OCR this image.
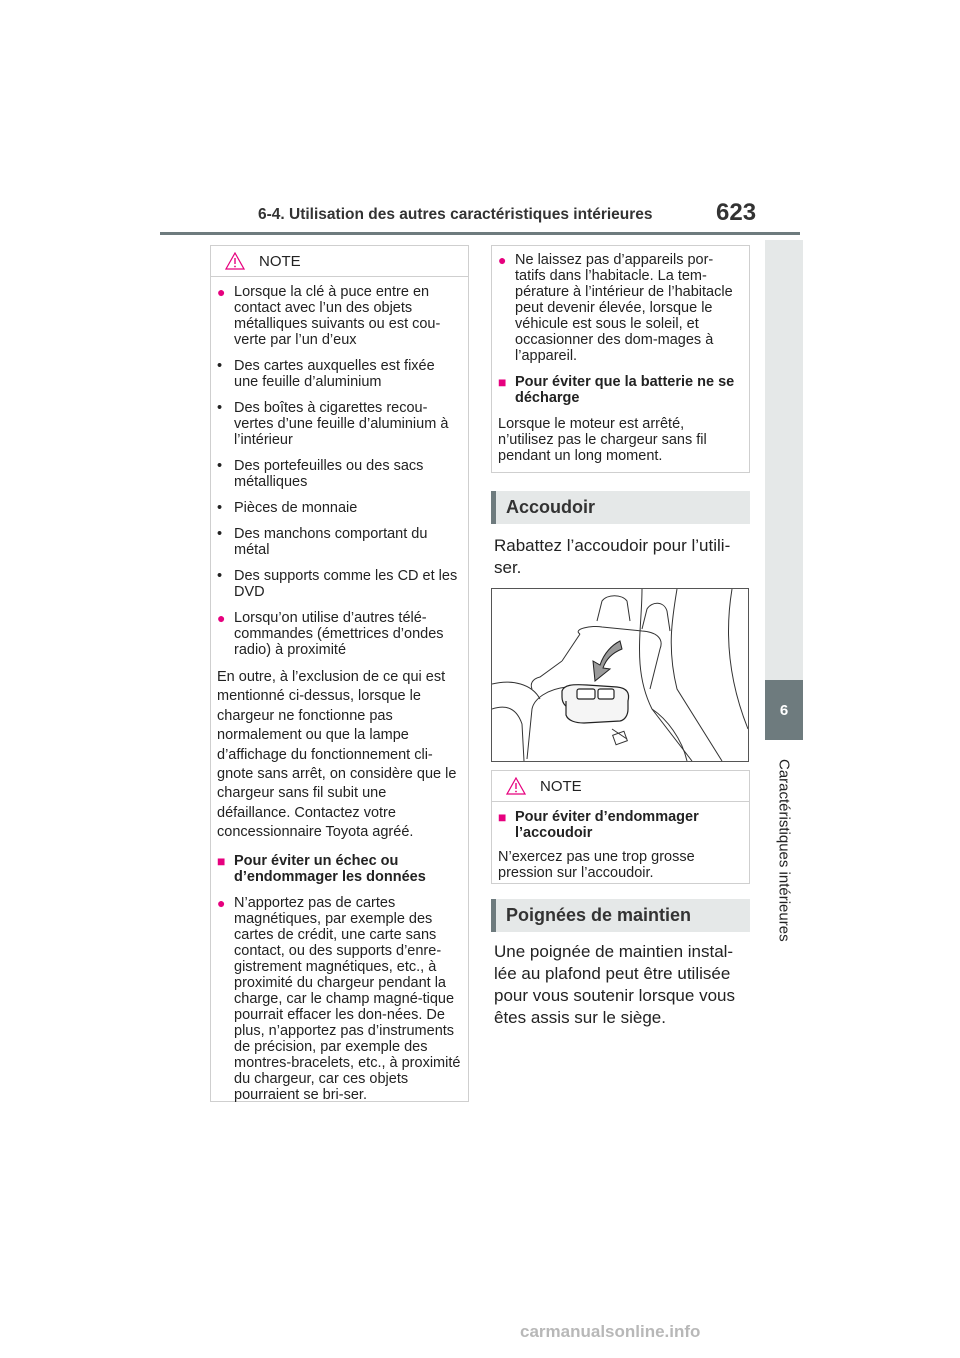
6-4. Utilisation des autres caractéristiques intérieures	623
6
Caractéristiques intérieures
NOTE
● Lorsque la clé à puce entre en contact avec l’un des objets métalliques suivants ou est cou-verte par l’un d’eux
• Des cartes auxquelles est fixée une feuille d’aluminium
• Des boîtes à cigarettes recou-vertes d’une feuille d’aluminium à l’intérieur
• Des portefeuilles ou des sacs métalliques
• Pièces de monnaie
• Des manchons comportant du métal
• Des supports comme les CD et les DVD
● Lorsqu’on utilise d’autres télé-commandes (émettrices d’ondes radio) à proximité
En outre, à l’exclusion de ce qui est mentionné ci-dessus, lorsque le chargeur ne fonctionne pas normalement ou que la lampe d’affichage du fonctionnement cli-gnote sans arrêt, on considère que le chargeur sans fil subit une défaillance. Contactez votre concessionnaire Toyota agréé.
■ Pour éviter un échec ou d’endommager les données
● N’apportez pas de cartes magnétiques, par exemple des cartes de crédit, une carte sans contact, ou des supports d’enre-gistrement magnétiques, etc., à proximité du chargeur pendant la charge, car le champ magné-tique pourrait effacer les don-nées. De plus, n’apportez pas d’instruments de précision, par exemple des montres-bracelets, etc., à proximité du chargeur, car ces objets pourraient se bri-ser.
● Ne laissez pas d’appareils por-tatifs dans l’habitacle. La tem-pérature à l’intérieur de l’habitacle peut devenir élevée, lorsque le véhicule est sous le soleil, et occasionner des dom-mages à l’appareil.
■ Pour éviter que la batterie ne se décharge
Lorsque le moteur est arrêté, n’utilisez pas le chargeur sans fil pendant un long moment.
Accoudoir
Rabattez l’accoudoir pour l’utili-ser.
NOTE
■ Pour éviter d’endommager l’accoudoir
N’exercez pas une trop grosse pression sur l’accoudoir.
Poignées de maintien
Une poignée de maintien instal-lée au plafond peut être utilisée pour vous soutenir lorsque vous êtes assis sur le siège.
carmanualsonline.info
